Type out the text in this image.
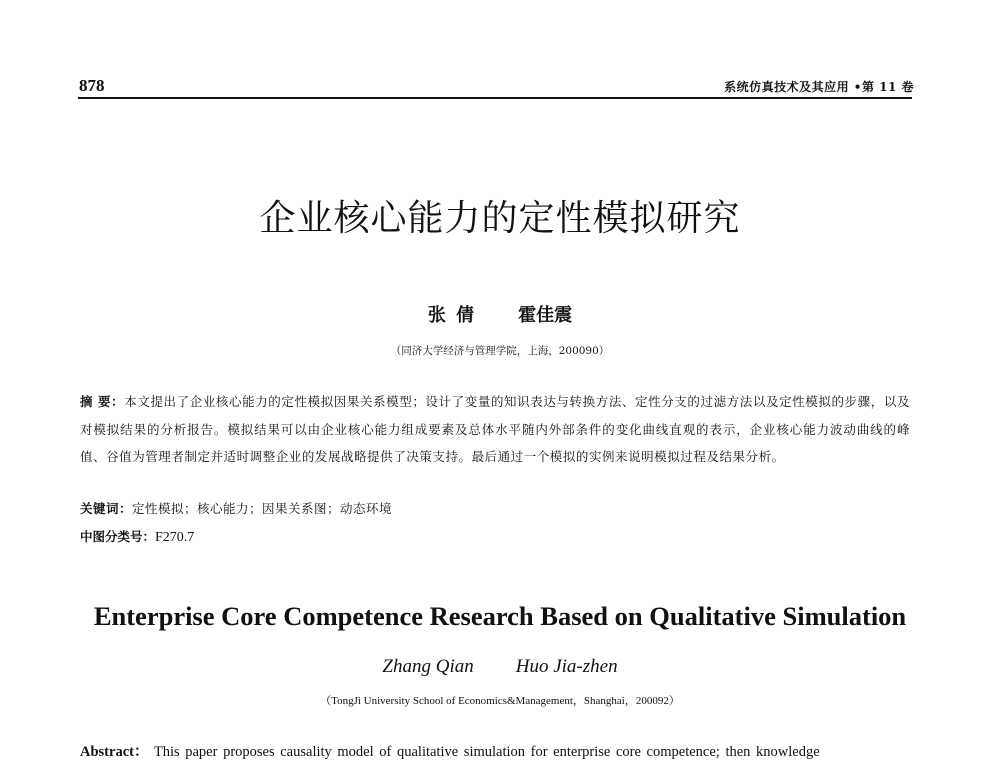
878	系统仿真技术及其应用 •第 11 卷
企业核心能力的定性模拟研究
张 倩 霍佳震
（同济大学经济与管理学院，上海，200090）
摘 要：本文提出了企业核心能力的定性模拟因果关系模型；设计了变量的知识表达与转换方法、定性分支的过滤方法以及定性模拟的步骤，以及对模拟结果的分析报告。模拟结果可以由企业核心能力组成要素及总体水平随内外部条件的变化曲线直观的表示，企业核心能力波动曲线的峰值、谷值为管理者制定并适时调整企业的发展战略提供了决策支持。最后通过一个模拟的实例来说明模拟过程及结果分析。
关键词：定性模拟；核心能力；因果关系图；动态环境
中图分类号：F270.7
Enterprise Core Competence Research Based on Qualitative Simulation
Zhang Qian Huo Jia-zhen
（TongJi University School of Economics&Management，Shanghai，200092）
Abstract： This paper proposes causality model of qualitative simulation for enterprise core competence; then knowledge
